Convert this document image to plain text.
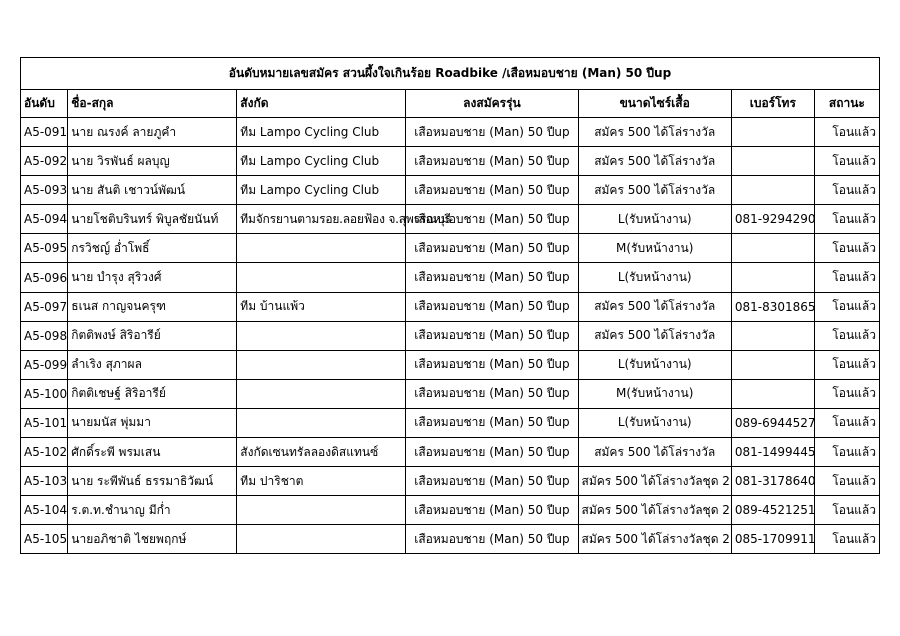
อันดับหมายเลขสมัคร สวนผึ้งใจเกินร้อย Roadbike /เสือหมอบชาย (Man) 50 ปีup						
อันดับ	ชื่อ-สกุล	สังกัด	ลงสมัครรุ่น	ขนาดไซร์เสื้อ	เบอร์โทร	สถานะ
A5-091	นาย ณรงค์ ลายภูคำ	ทีม Lampo Cycling Club	เสือหมอบชาย (Man) 50 ปีup	สมัคร 500 ได้โล่รางวัล		โอนแล้ว
A5-092	นาย วิรพันธ์ ผลบุญ	ทีม Lampo Cycling Club	เสือหมอบชาย (Man) 50 ปีup	สมัคร 500 ได้โล่รางวัล		โอนแล้ว
A5-093	นาย สันติ เชาวน์พัฒน์	ทีม Lampo Cycling Club	เสือหมอบชาย (Man) 50 ปีup	สมัคร 500 ได้โล่รางวัล		โอนแล้ว
A5-094	นายโชติบรินทร์ พิบูลชัยนันท์	ทีมจักรยานตามรอย.ลอยฟ้อง จ.สุพรรณบุรี	เสือหมอบชาย (Man) 50 ปีup	L(รับหน้างาน)	081-9294290	โอนแล้ว
A5-095	กรวิชญ์ อ่ำโพธิ์		เสือหมอบชาย (Man) 50 ปีup	M(รับหน้างาน)		โอนแล้ว
A5-096	นาย บำรุง สุริวงศ์		เสือหมอบชาย (Man) 50 ปีup	L(รับหน้างาน)		โอนแล้ว
A5-097	ธเนส กาญจนครุฑ	ทีม บ้านแพ้ว	เสือหมอบชาย (Man) 50 ปีup	สมัคร 500 ได้โล่รางวัล	081-8301865	โอนแล้ว
A5-098	กิตติพงษ์ สิริอารีย์		เสือหมอบชาย (Man) 50 ปีup	สมัคร 500 ได้โล่รางวัล		โอนแล้ว
A5-099	ลำเริง สุภาผล		เสือหมอบชาย (Man) 50 ปีup	L(รับหน้างาน)		โอนแล้ว
A5-100	กิตติเชษฐ์ สิริอารีย์		เสือหมอบชาย (Man) 50 ปีup	M(รับหน้างาน)		โอนแล้ว
A5-101	นายมนัส พุ่มมา		เสือหมอบชาย (Man) 50 ปีup	L(รับหน้างาน)	089-6944527	โอนแล้ว
A5-102	ศักดิ์ระพี พรมเสน	สังกัดเซนทรัลลองดิสแทนซ์	เสือหมอบชาย (Man) 50 ปีup	สมัคร 500 ได้โล่รางวัล	081-1499445	โอนแล้ว
A5-103	นาย ระพีพันธ์ ธรรมาธิวัฒน์	ทีม ปาริชาต	เสือหมอบชาย (Man) 50 ปีup	สมัคร 500 ได้โล่รางวัลชุด 2	081-3178640	โอนแล้ว
A5-104	ร.ต.ท.ชำนาญ มีก่ำ		เสือหมอบชาย (Man) 50 ปีup	สมัคร 500 ได้โล่รางวัลชุด 2	089-4521251	โอนแล้ว
A5-105	นายอภิชาติ ไชยพฤกษ์		เสือหมอบชาย (Man) 50 ปีup	สมัคร 500 ได้โล่รางวัลชุด 2	085-1709911	โอนแล้ว
